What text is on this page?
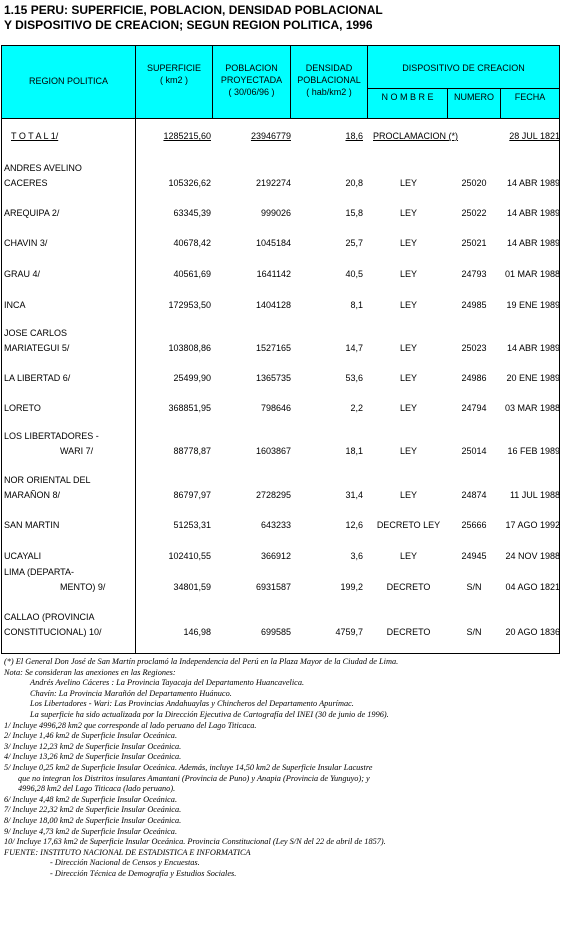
1.15 PERU: SUPERFICIE, POBLACION, DENSIDAD POBLACIONAL
Y DISPOSITIVO DE CREACION; SEGUN REGION POLITICA, 1996
REGION POLITICA
SUPERFICIE
( km2 )
POBLACION
PROYECTADA
( 30/06/96 )
DENSIDAD
POBLACIONAL
( hab/km2 )
DISPOSITIVO DE CREACION
N O M B R E	NUMERO	FECHA
T O T A L 1/	1285215,60	23946779	18,6 PROCLAMACION (*)	28 JUL 1821
ANDRES AVELINO
CACERES	105326,62	2192274	20,8	LEY	25020	14 ABR 1989
AREQUIPA 2/	63345,39	999026	15,8	LEY	25022	14 ABR 1989
CHAVIN 3/	40678,42	1045184	25,7	LEY	25021	14 ABR 1989
GRAU 4/	40561,69	1641142	40,5	LEY	24793	01 MAR 1988
INCA	172953,50	1404128	8,1	LEY	24985	19 ENE 1989
JOSE CARLOS
MARIATEGUI 5/	103808,86	1527165	14,7	LEY	25023	14 ABR 1989
LA LIBERTAD 6/	25499,90	1365735	53,6	LEY	24986	20 ENE 1989
LORETO	368851,95	798646	2,2	LEY	24794	03 MAR 1988
LOS LIBERTADORES -
WARI 7/	88778,87	1603867	18,1	LEY	25014	16 FEB 1989
NOR ORIENTAL DEL
MARAÑON 8/	86797,97	2728295	31,4	LEY	24874	11 JUL 1988
SAN MARTIN	51253,31	643233	12,6	DECRETO LEY	25666	17 AGO 1992
UCAYALI	102410,55	366912	3,6	LEY	24945	24 NOV 1988
LIMA (DEPARTA-
MENTO) 9/	34801,59	6931587	199,2	DECRETO	S/N	04 AGO 1821
CALLAO (PROVINCIA
CONSTITUCIONAL) 10/	146,98	699585	4759,7	DECRETO	S/N	20 AGO 1836
(*) El General Don José de San Martín proclamó la Independencia del Perú en la Plaza Mayor de la Ciudad de Lima.
Nota: Se consideran las anexiones en las Regiones:
Andrés Avelino Cáceres : La Provincia Tayacaja del Departamento Huancavelica.
Chavín: La Provincia Marañón del Departamento Huánuco.
Los Libertadores - Wari: Las Provincias Andahuaylas y Chincheros del Departamento Apurímac.
La superficie ha sido actualizada por la Dirección Ejecutiva de Cartografía del INEI (30 de junio de 1996).
1/ Incluye 4996,28 km2 que corresponde al lado peruano del Lago Titicaca.
2/ Incluye 1,46 km2 de Superficie Insular Oceánica.
3/ Incluye 12,23 km2 de Superficie Insular Oceánica.
4/ Incluye 13,26 km2 de Superficie Insular Oceánica.
5/ Incluye 0,25 km2 de Superficie Insular Oceánica. Además, incluye 14,50 km2 de Superficie Insular Lacustre
que no integran los Distritos insulares Amantani (Provincia de Puno) y Anapia (Provincia de Yunguyo); y
4996,28 km2 del Lago Titicaca (lado peruano).
6/ Incluye 4,48 km2 de Superficie Insular Oceánica.
7/ Incluye 22,32 km2 de Superficie Insular Oceánica.
8/ Incluye 18,00 km2 de Superficie Insular Oceánica.
9/ Incluye 4,73 km2 de Superficie Insular Oceánica.
10/ Incluye 17,63 km2 de Superficie Insular Oceánica. Provincia Constitucional (Ley S/N del 22 de abril de 1857).
FUENTE: INSTITUTO NACIONAL DE ESTADISTICA E INFORMATICA
- Dirección Nacional de Censos y Encuestas.
- Dirección Técnica de Demografía y Estudios Sociales.
